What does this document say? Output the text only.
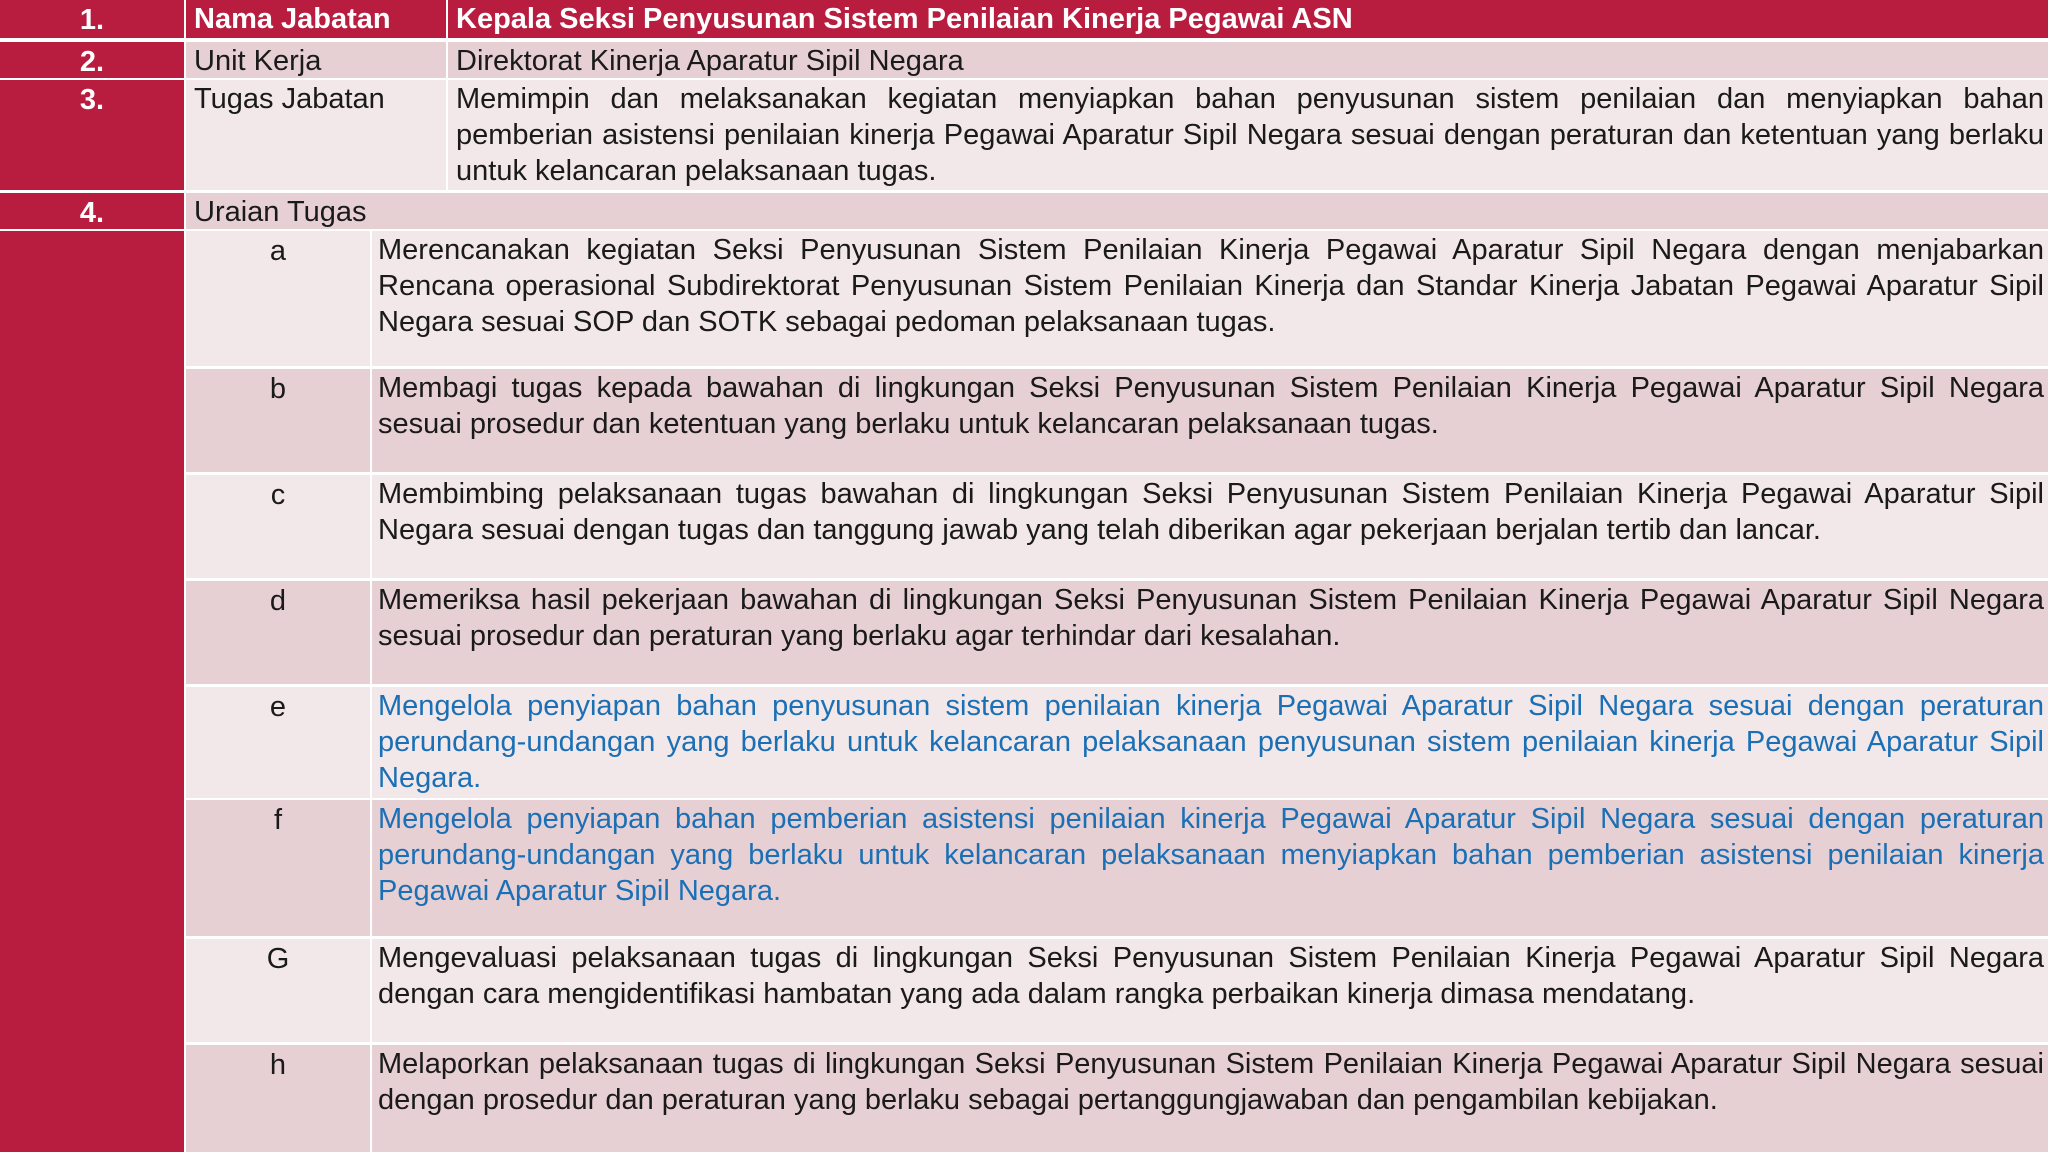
1.	Nama Jabatan	Kepala Seksi Penyusunan Sistem Penilaian Kinerja Pegawai ASN
2.	Unit Kerja	Direktorat Kinerja Aparatur Sipil Negara
3.	Tugas Jabatan	Memimpin dan melaksanakan kegiatan menyiapkan bahan penyusunan sistem penilaian dan menyiapkan bahan pemberian asistensi penilaian kinerja Pegawai Aparatur Sipil Negara sesuai dengan peraturan dan ketentuan yang berlaku untuk kelancaran pelaksanaan tugas.
4.	Uraian Tugas
a	Merencanakan kegiatan Seksi Penyusunan Sistem Penilaian Kinerja Pegawai Aparatur Sipil Negara dengan menjabarkan Rencana operasional Subdirektorat Penyusunan Sistem Penilaian Kinerja dan Standar Kinerja Jabatan Pegawai Aparatur Sipil Negara sesuai SOP dan SOTK sebagai pedoman pelaksanaan tugas.
b	Membagi tugas kepada bawahan di lingkungan Seksi Penyusunan Sistem Penilaian Kinerja Pegawai Aparatur Sipil Negara sesuai prosedur dan ketentuan yang berlaku untuk kelancaran pelaksanaan tugas.
c	Membimbing pelaksanaan tugas bawahan di lingkungan Seksi Penyusunan Sistem Penilaian Kinerja Pegawai Aparatur Sipil Negara sesuai dengan tugas dan tanggung jawab yang telah diberikan agar pekerjaan berjalan tertib dan lancar.
d	Memeriksa hasil pekerjaan bawahan di lingkungan Seksi Penyusunan Sistem Penilaian Kinerja Pegawai Aparatur Sipil Negara sesuai prosedur dan peraturan yang berlaku agar terhindar dari kesalahan.
e	Mengelola penyiapan bahan penyusunan sistem penilaian kinerja Pegawai Aparatur Sipil Negara sesuai dengan peraturan perundang-undangan yang berlaku untuk kelancaran pelaksanaan penyusunan sistem penilaian kinerja Pegawai Aparatur Sipil Negara.
f	Mengelola penyiapan bahan pemberian asistensi penilaian kinerja Pegawai Aparatur Sipil Negara sesuai dengan peraturan perundang-undangan yang berlaku untuk kelancaran pelaksanaan menyiapkan bahan pemberian asistensi penilaian kinerja Pegawai Aparatur Sipil Negara.
G	Mengevaluasi pelaksanaan tugas di lingkungan Seksi Penyusunan Sistem Penilaian Kinerja Pegawai Aparatur Sipil Negara dengan cara mengidentifikasi hambatan yang ada dalam rangka perbaikan kinerja dimasa mendatang.
h	Melaporkan pelaksanaan tugas di lingkungan Seksi Penyusunan Sistem Penilaian Kinerja Pegawai Aparatur Sipil Negara sesuai dengan prosedur dan peraturan yang berlaku sebagai pertanggungjawaban dan pengambilan kebijakan.
